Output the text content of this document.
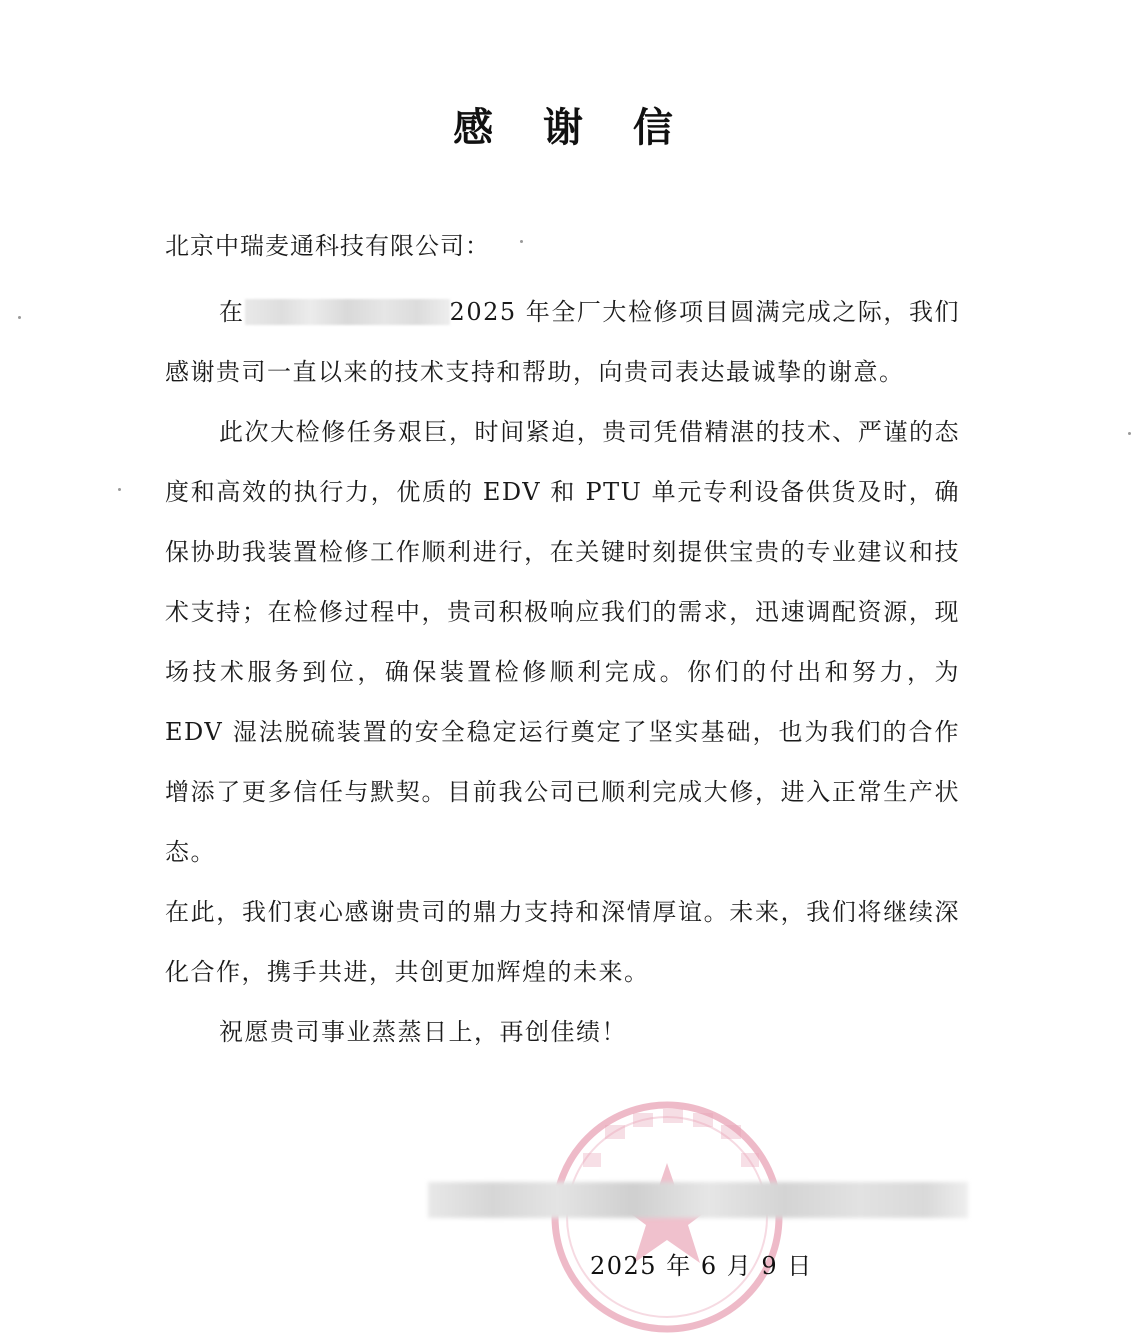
感 谢 信
北京中瑞麦通科技有限公司：

在	2025 年全厂大检修项目圆满完成之际，我们感谢贵司一直以来的技术支持和帮助，向贵司表达最诚挚的谢意。

此次大检修任务艰巨，时间紧迫，贵司凭借精湛的技术、严谨的态度和高效的执行力，优质的 EDV 和 PTU 单元专利设备供货及时，确保协助我装置检修工作顺利进行，在关键时刻提供宝贵的专业建议和技术支持；在检修过程中，贵司积极响应我们的需求，迅速调配资源，现场技术服务到位，确保装置检修顺利完成。你们的付出和努力，为 EDV 湿法脱硫装置的安全稳定运行奠定了坚实基础，也为我们的合作增添了更多信任与默契。目前我公司已顺利完成大修，进入正常生产状态。

在此，我们衷心感谢贵司的鼎力支持和深情厚谊。未来，我们将继续深化合作，携手共进，共创更加辉煌的未来。

祝愿贵司事业蒸蒸日上，再创佳绩！

2025 年 6 月 9 日
